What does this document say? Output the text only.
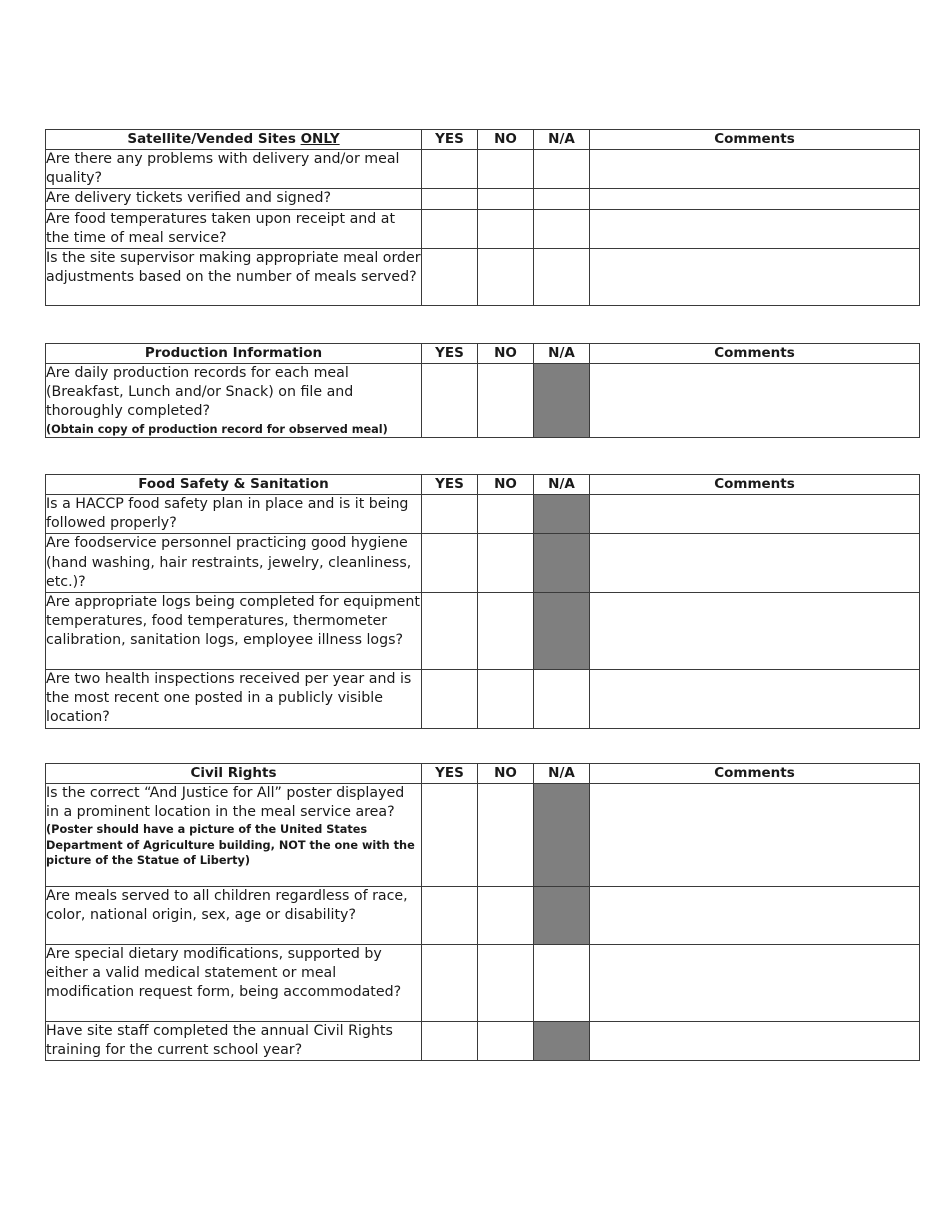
Satellite/Vended Sites ONLY	YES	NO	N/A	Comments
Are there any problems with delivery and/or meal quality?				
Are delivery tickets verified and signed?				
Are food temperatures taken upon receipt and at the time of meal service?				
Is the site supervisor making appropriate meal order adjustments based on the number of meals served?				
Production Information	YES	NO	N/A	Comments
Are daily production records for each meal (Breakfast, Lunch and/or Snack) on file and thoroughly completed?
(Obtain copy of production record for observed meal)				

Food Safety & Sanitation	YES	NO	N/A	Comments
Is a HACCP food safety plan in place and is it being followed properly?				
Are foodservice personnel practicing good hygiene (hand washing, hair restraints, jewelry, cleanliness, etc.)?				
Are appropriate logs being completed for equipment temperatures, food temperatures, thermometer calibration, sanitation logs, employee illness logs?				
Are two health inspections received per year and is the most recent one posted in a publicly visible location?				
Civil Rights	YES	NO	N/A	Comments
Is the correct “And Justice for All” poster displayed in a prominent location in the meal service area?
(Poster should have a picture of the United States Department of Agriculture building, NOT the one with the picture of the Statue of Liberty)				

Are meals served to all children regardless of race, color, national origin, sex, age or disability?				
Are special dietary modifications, supported by either a valid medical statement or meal modification request form, being accommodated?				
Have site staff completed the annual Civil Rights training for the current school year?				
